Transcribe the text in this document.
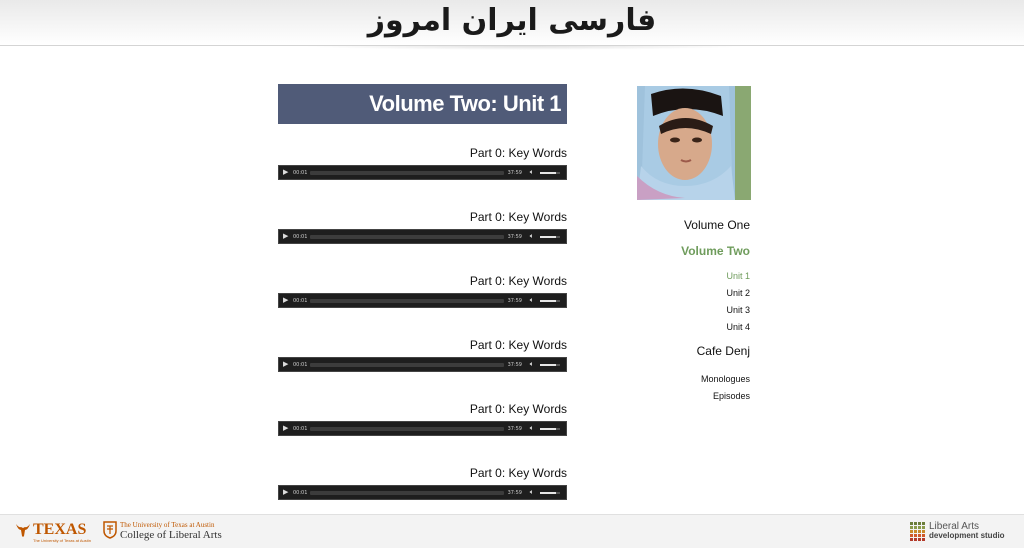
فارسی ایران امروز
Volume Two: Unit 1
Part 0: Key Words
▶ 00:01	37:59 🔈︎
Part 0: Key Words
▶ 00:01	37:59 🔈︎
Part 0: Key Words
▶ 00:01	37:59 🔈︎
Part 0: Key Words
▶ 00:01	37:59 🔈︎
Part 0: Key Words
▶ 00:01	37:59 🔈︎
Part 0: Key Words
▶ 00:01	37:59 🔈︎
Volume One
Volume Two
Unit 1
Unit 2
Unit 3
Unit 4
Cafe Denj
Monologues
Episodes
TEXAS
The University of Texas at Austin
The University of Texas at Austin
College of Liberal Arts
Liberal Arts
development studio
